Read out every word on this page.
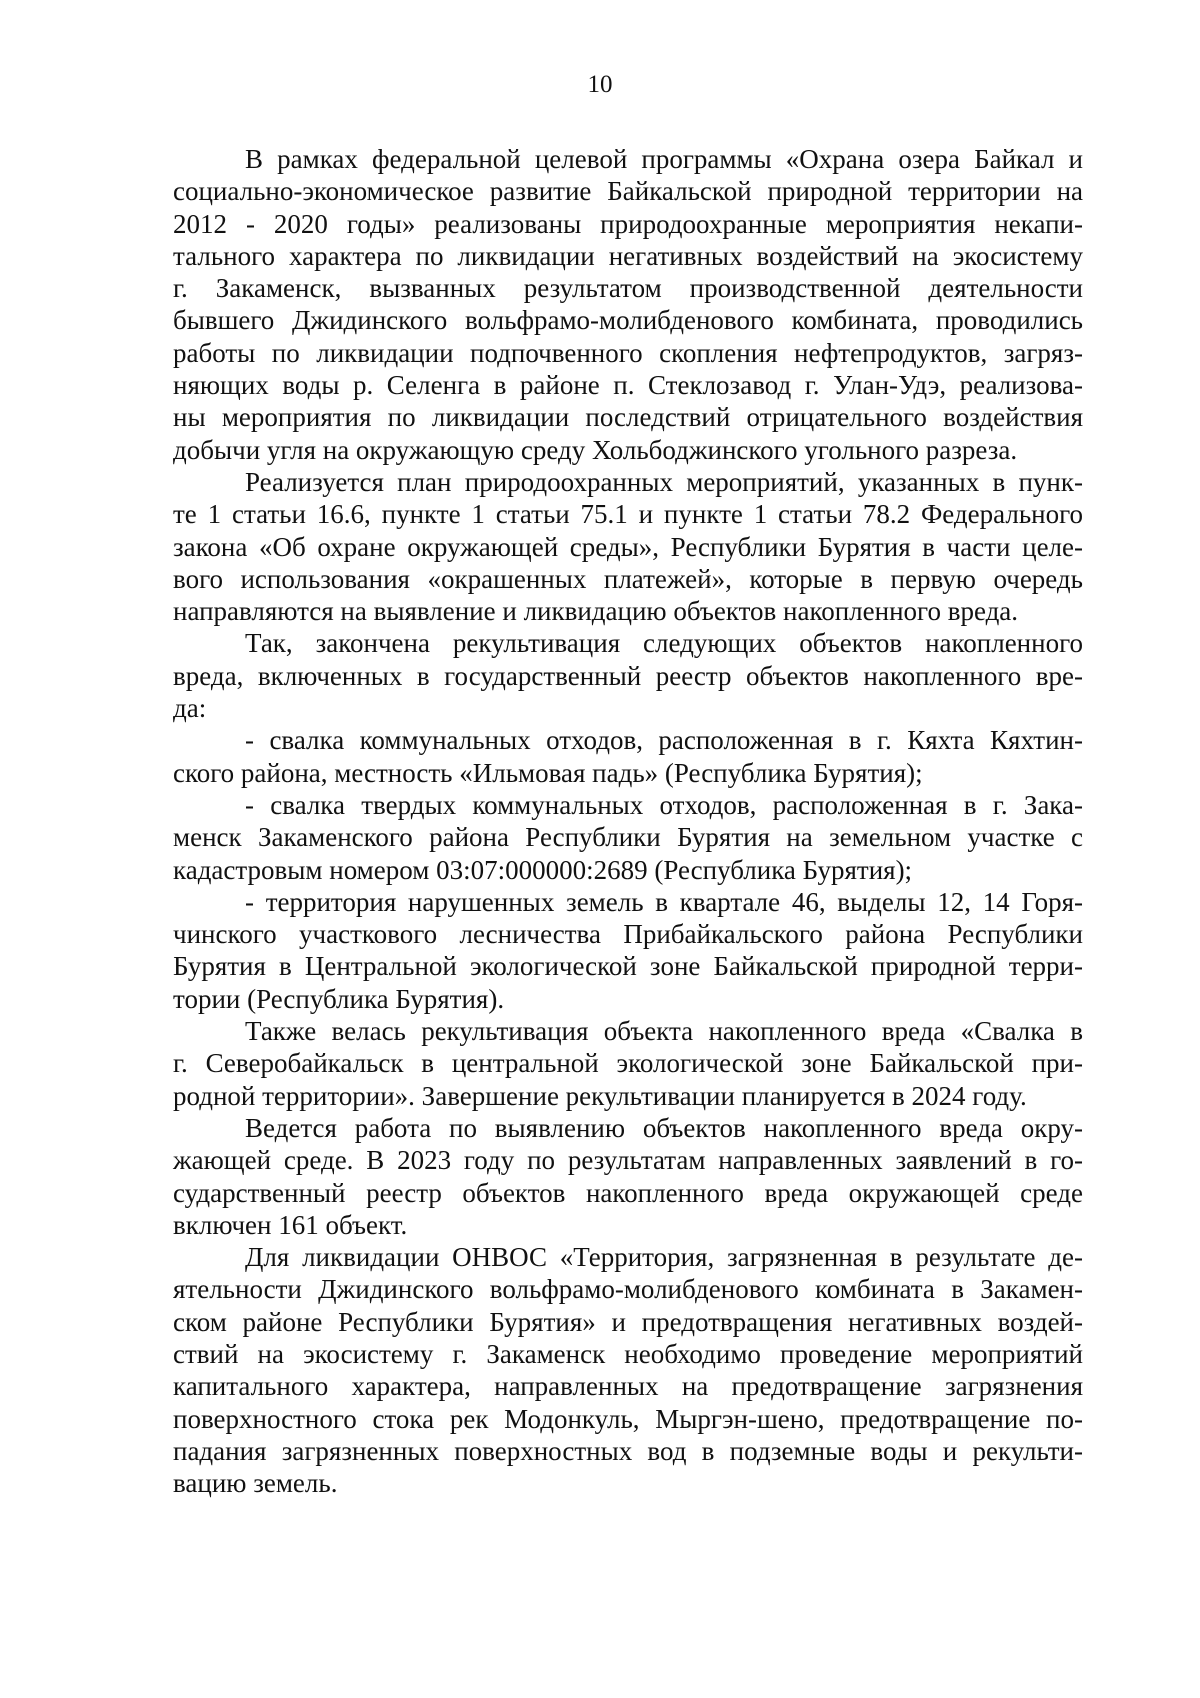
10
В рамках федеральной целевой программы «Охрана озера Байкал и
социально-экономическое развитие Байкальской природной территории на
2012 - 2020 годы» реализованы природоохранные мероприятия некапи-
тального характера по ликвидации негативных воздействий на экосистему
г. Закаменск, вызванных результатом производственной деятельности
бывшего Джидинского вольфрамо-молибденового комбината, проводились
работы по ликвидации подпочвенного скопления нефтепродуктов, загряз-
няющих воды р. Селенга в районе п. Стеклозавод г. Улан-Удэ, реализова-
ны мероприятия по ликвидации последствий отрицательного воздействия
добычи угля на окружающую среду Хольбоджинского угольного разреза.
Реализуется план природоохранных мероприятий, указанных в пунк-
те 1 статьи 16.6, пункте 1 статьи 75.1 и пункте 1 статьи 78.2 Федерального
закона «Об охране окружающей среды», Республики Бурятия в части целе-
вого использования «окрашенных платежей», которые в первую очередь
направляются на выявление и ликвидацию объектов накопленного вреда.
Так, закончена рекультивация следующих объектов накопленного
вреда, включенных в государственный реестр объектов накопленного вре-
да:
- свалка коммунальных отходов, расположенная в г. Кяхта Кяхтин-
ского района, местность «Ильмовая падь» (Республика Бурятия);
- свалка твердых коммунальных отходов, расположенная в г. Зака-
менск Закаменского района Республики Бурятия на земельном участке с
кадастровым номером 03:07:000000:2689 (Республика Бурятия);
- территория нарушенных земель в квартале 46, выделы 12, 14 Горя-
чинского участкового лесничества Прибайкальского района Республики
Бурятия в Центральной экологической зоне Байкальской природной терри-
тории (Республика Бурятия).
Также велась рекультивация объекта накопленного вреда «Свалка в
г. Северобайкальск в центральной экологической зоне Байкальской при-
родной территории». Завершение рекультивации планируется в 2024 году.
Ведется работа по выявлению объектов накопленного вреда окру-
жающей среде. В 2023 году по результатам направленных заявлений в го-
сударственный реестр объектов накопленного вреда окружающей среде
включен 161 объект.
Для ликвидации ОНВОС «Территория, загрязненная в результате де-
ятельности Джидинского вольфрамо-молибденового комбината в Закамен-
ском районе Республики Бурятия» и предотвращения негативных воздей-
ствий на экосистему г. Закаменск необходимо проведение мероприятий
капитального характера, направленных на предотвращение загрязнения
поверхностного стока рек Модонкуль, Мыргэн-шено, предотвращение по-
падания загрязненных поверхностных вод в подземные воды и рекульти-
вацию земель.
